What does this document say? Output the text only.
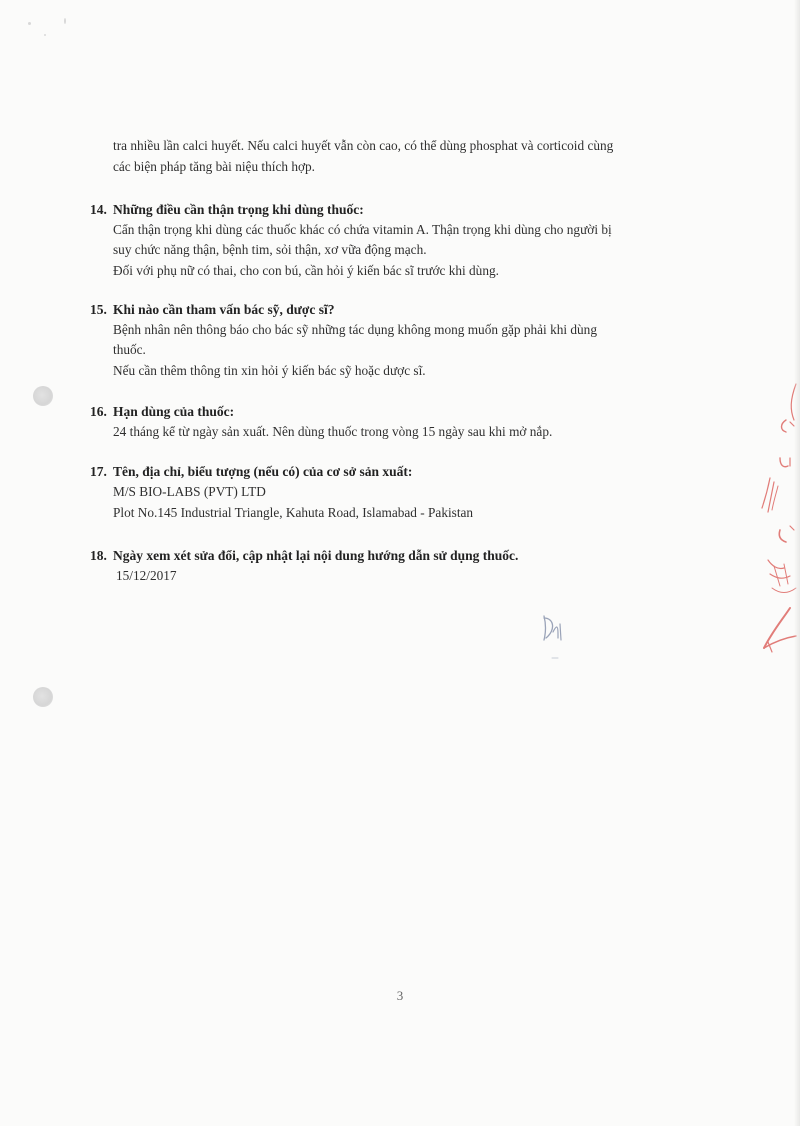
tra nhiều lần calci huyết. Nếu calci huyết vẫn còn cao, có thể dùng phosphat và corticoid cùng
các biện pháp tăng bài niệu thích hợp.
14. Những điều cần thận trọng khi dùng thuốc:
Cẩn thận trọng khi dùng các thuốc khác có chứa vitamin A. Thận trọng khi dùng cho người bị
suy chức năng thận, bệnh tim, sỏi thận, xơ vữa động mạch.
Đối với phụ nữ có thai, cho con bú, cần hỏi ý kiến bác sĩ trước khi dùng.
15. Khi nào cần tham vấn bác sỹ, dược sĩ?
Bệnh nhân nên thông báo cho bác sỹ những tác dụng không mong muốn gặp phải khi dùng
thuốc.
Nếu cần thêm thông tin xin hỏi ý kiến bác sỹ hoặc dược sĩ.
16. Hạn dùng của thuốc:
24 tháng kể từ ngày sản xuất. Nên dùng thuốc trong vòng 15 ngày sau khi mở nắp.
17. Tên, địa chỉ, biểu tượng (nếu có) của cơ sở sản xuất:
M/S BIO-LABS (PVT) LTD
Plot No.145 Industrial Triangle, Kahuta Road, Islamabad - Pakistan
18. Ngày xem xét sửa đổi, cập nhật lại nội dung hướng dẫn sử dụng thuốc.
15/12/2017
3
